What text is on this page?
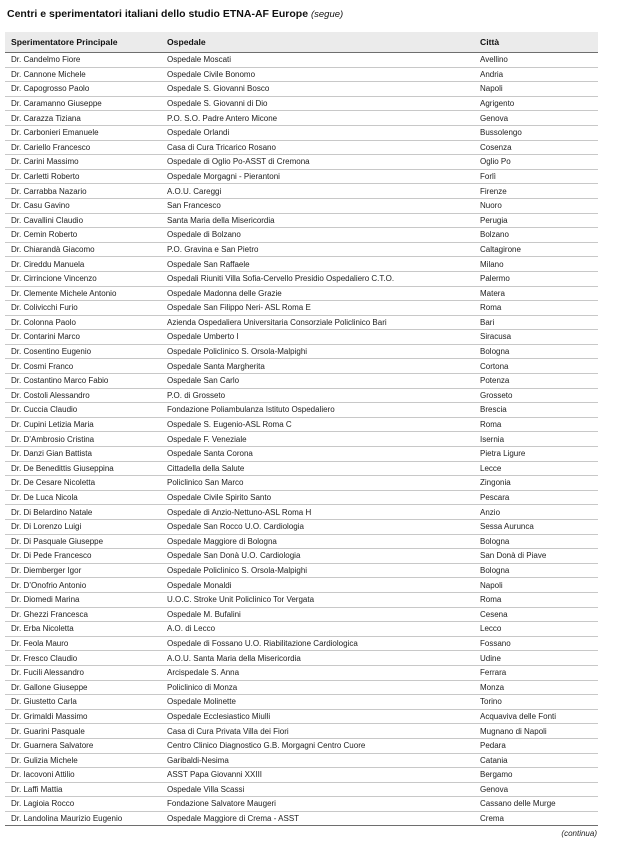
Centri e sperimentatori italiani dello studio ETNA-AF Europe (segue)
Sperimentatore Principale	Ospedale	Città
Dr. Candelmo Fiore	Ospedale Moscati	Avellino
Dr. Cannone Michele	Ospedale Civile Bonomo	Andria
Dr. Capogrosso Paolo	Ospedale S. Giovanni Bosco	Napoli
Dr. Caramanno Giuseppe	Ospedale S. Giovanni di Dio	Agrigento
Dr. Carazza Tiziana	P.O. S.O. Padre Antero Micone	Genova
Dr. Carbonieri Emanuele	Ospedale Orlandi	Bussolengo
Dr. Cariello Francesco	Casa di Cura Tricarico Rosano	Cosenza
Dr. Carini Massimo	Ospedale di Oglio Po-ASST di Cremona	Oglio Po
Dr. Carletti Roberto	Ospedale Morgagni - Pierantoni	Forlì
Dr. Carrabba Nazario	A.O.U. Careggi	Firenze
Dr. Casu Gavino	San Francesco	Nuoro
Dr. Cavallini Claudio	Santa Maria della Misericordia	Perugia
Dr. Cemin Roberto	Ospedale di Bolzano	Bolzano
Dr. Chiarandà Giacomo	P.O. Gravina e San Pietro	Caltagirone
Dr. Cireddu Manuela	Ospedale San Raffaele	Milano
Dr. Cirrincione Vincenzo	Ospedali Riuniti Villa Sofia-Cervello Presidio Ospedaliero C.T.O.	Palermo
Dr. Clemente Michele Antonio	Ospedale Madonna delle Grazie	Matera
Dr. Colivicchi Furio	Ospedale San Filippo Neri- ASL Roma E	Roma
Dr. Colonna Paolo	Azienda Ospedaliera Universitaria Consorziale Policlinico Bari	Bari
Dr. Contarini Marco	Ospedale Umberto I	Siracusa
Dr. Cosentino Eugenio	Ospedale Policlinico S. Orsola-Malpighi	Bologna
Dr. Cosmi Franco	Ospedale Santa Margherita	Cortona
Dr. Costantino Marco Fabio	Ospedale San Carlo	Potenza
Dr. Costoli Alessandro	P.O. di Grosseto	Grosseto
Dr. Cuccia Claudio	Fondazione Poliambulanza Istituto Ospedaliero	Brescia
Dr. Cupini Letizia Maria	Ospedale S. Eugenio-ASL Roma C	Roma
Dr. D’Ambrosio Cristina	Ospedale F. Veneziale	Isernia
Dr. Danzi Gian Battista	Ospedale Santa Corona	Pietra Ligure
Dr. De Benedittis Giuseppina	Cittadella della Salute	Lecce
Dr. De Cesare Nicoletta	Policlinico San Marco	Zingonia
Dr. De Luca Nicola	Ospedale Civile Spirito Santo	Pescara
Dr. Di Belardino Natale	Ospedale di Anzio-Nettuno-ASL Roma H	Anzio
Dr. Di Lorenzo Luigi	Ospedale San Rocco U.O. Cardiologia	Sessa Aurunca
Dr. Di Pasquale Giuseppe	Ospedale Maggiore di Bologna	Bologna
Dr. Di Pede Francesco	Ospedale San Donà U.O. Cardiologia	San Donà di Piave
Dr. Diemberger Igor	Ospedale Policlinico S. Orsola-Malpighi	Bologna
Dr. D’Onofrio Antonio	Ospedale Monaldi	Napoli
Dr. Diomedi Marina	U.O.C. Stroke Unit Policlinico Tor Vergata	Roma
Dr. Ghezzi Francesca	Ospedale M. Bufalini	Cesena
Dr. Erba Nicoletta	A.O. di Lecco	Lecco
Dr. Feola Mauro	Ospedale di Fossano U.O. Riabilitazione Cardiologica	Fossano
Dr. Fresco Claudio	A.O.U. Santa Maria della Misericordia	Udine
Dr. Fucili Alessandro	Arcispedale S. Anna	Ferrara
Dr. Gallone Giuseppe	Policlinico di Monza	Monza
Dr. Giustetto Carla	Ospedale Molinette	Torino
Dr. Grimaldi Massimo	Ospedale Ecclesiastico Miulli	Acquaviva delle Fonti
Dr. Guarini Pasquale	Casa di Cura Privata Villa dei Fiori	Mugnano di Napoli
Dr. Guarnera Salvatore	Centro Clinico Diagnostico G.B. Morgagni Centro Cuore	Pedara
Dr. Gulizia Michele	Garibaldi-Nesima	Catania
Dr. Iacovoni Attilio	ASST Papa Giovanni XXIII	Bergamo
Dr. Laffi Mattia	Ospedale Villa Scassi	Genova
Dr. Lagioia Rocco	Fondazione Salvatore Maugeri	Cassano delle Murge
Dr. Landolina Maurizio Eugenio	Ospedale Maggiore di Crema - ASST	Crema
(continua)
